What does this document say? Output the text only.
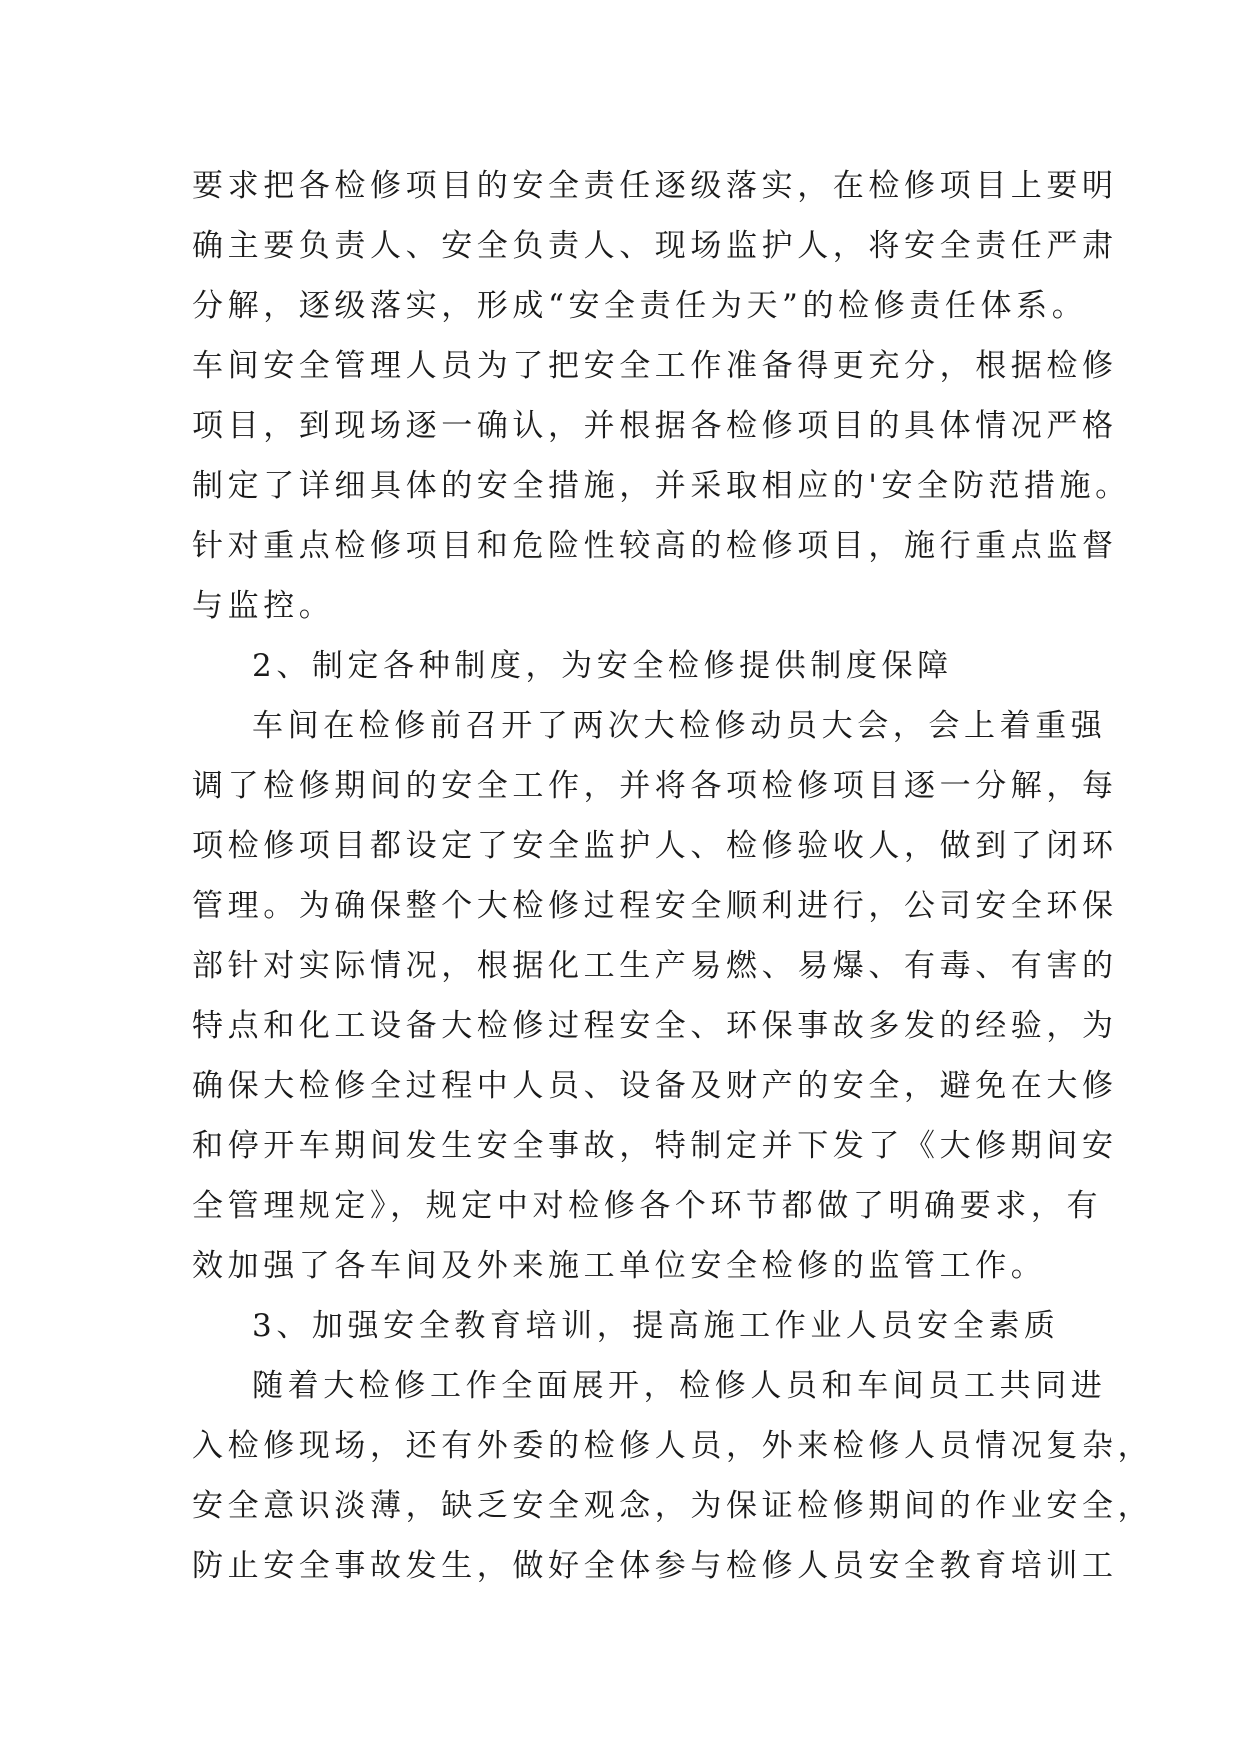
要求把各检修项目的安全责任逐级落实，在检修项目上要明
确主要负责人、安全负责人、现场监护人，将安全责任严肃
分解，逐级落实，形成“安全责任为天”的检修责任体系。
车间安全管理人员为了把安全工作准备得更充分，根据检修
项目，到现场逐一确认，并根据各检修项目的具体情况严格
制定了详细具体的安全措施，并采取相应的'安全防范措施。
针对重点检修项目和危险性较高的检修项目，施行重点监督
与监控。
2、制定各种制度，为安全检修提供制度保障
车间在检修前召开了两次大检修动员大会，会上着重强
调了检修期间的安全工作，并将各项检修项目逐一分解，每
项检修项目都设定了安全监护人、检修验收人，做到了闭环
管理。为确保整个大检修过程安全顺利进行，公司安全环保
部针对实际情况，根据化工生产易燃、易爆、有毒、有害的
特点和化工设备大检修过程安全、环保事故多发的经验，为
确保大检修全过程中人员、设备及财产的安全，避免在大修
和停开车期间发生安全事故，特制定并下发了《大修期间安
全管理规定》，规定中对检修各个环节都做了明确要求，有
效加强了各车间及外来施工单位安全检修的监管工作。
3、加强安全教育培训，提高施工作业人员安全素质
随着大检修工作全面展开，检修人员和车间员工共同进
入检修现场，还有外委的检修人员，外来检修人员情况复杂，
安全意识淡薄，缺乏安全观念，为保证检修期间的作业安全，
防止安全事故发生，做好全体参与检修人员安全教育培训工
